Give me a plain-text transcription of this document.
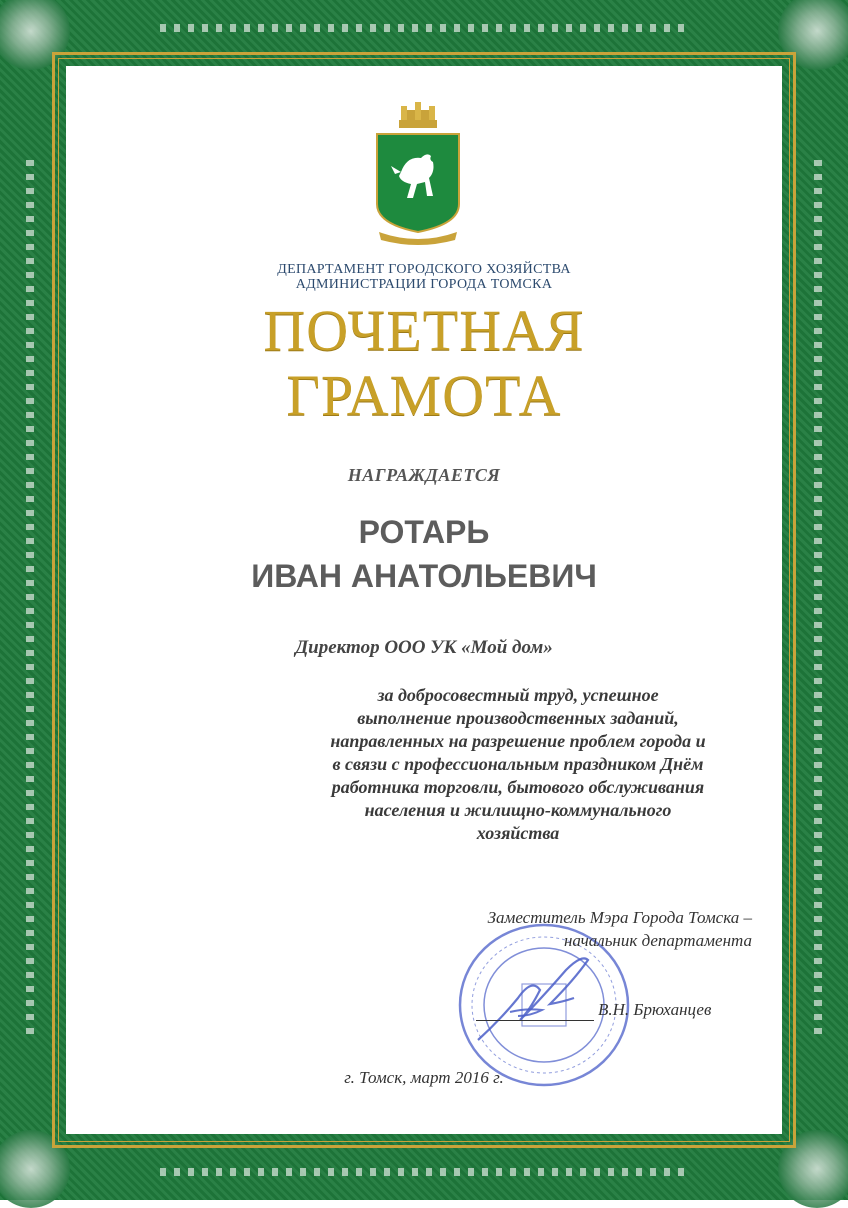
ДЕПАРТАМЕНТ ГОРОДСКОГО ХОЗЯЙСТВА
АДМИНИСТРАЦИИ ГОРОДА ТОМСКА
ПОЧЕТНАЯ
ГРАМОТА
НАГРАЖДАЕТСЯ
РОТАРЬ
ИВАН АНАТОЛЬЕВИЧ
Директор ООО УК «Мой дом»
за добросовестный труд, успешное
выполнение производственных заданий,
направленных на разрешение проблем города и
в связи с профессиональным праздником Днём
работника торговли, бытового обслуживания
населения и жилищно-коммунального
хозяйства
Заместитель Мэра Города Томска –
начальник департамента
В.Н. Брюханцев
г. Томск, март 2016 г.
